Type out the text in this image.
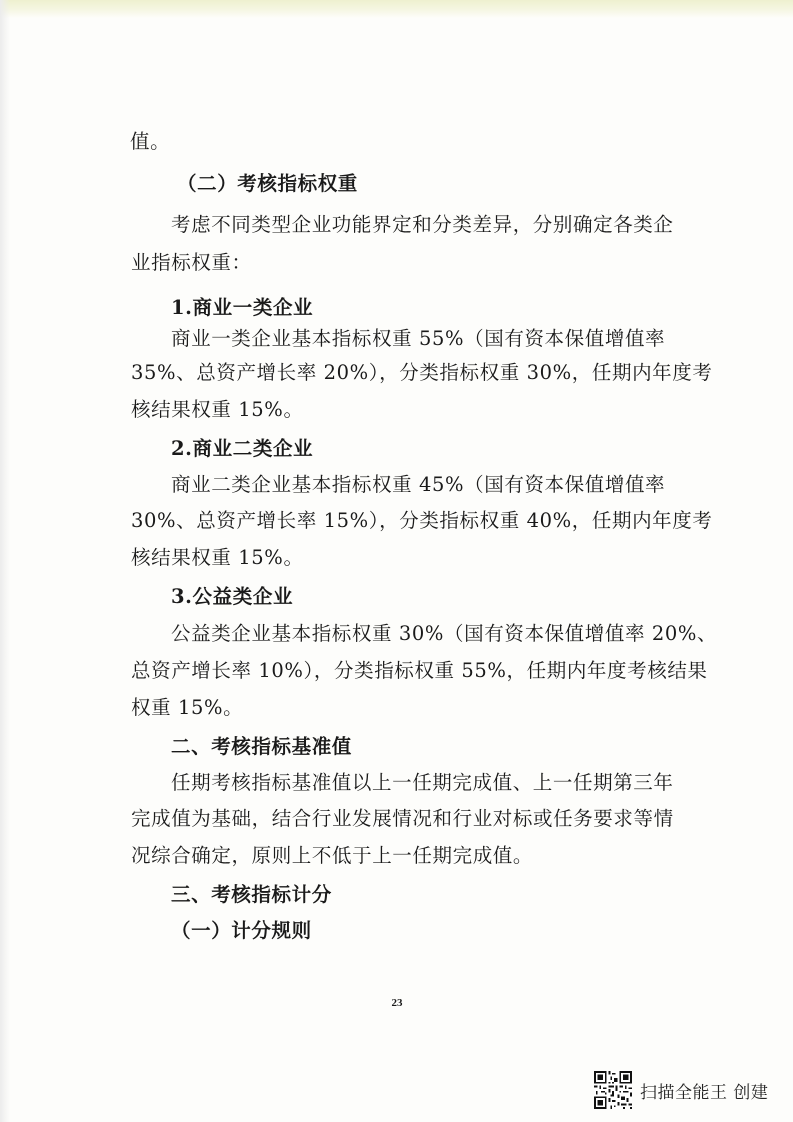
值。
（二）考核指标权重
考虑不同类型企业功能界定和分类差异，分别确定各类企
业指标权重：
1.商业一类企业
商业一类企业基本指标权重 55%（国有资本保值增值率
35%、总资产增长率 20%），分类指标权重 30%，任期内年度考
核结果权重 15%。
2.商业二类企业
商业二类企业基本指标权重 45%（国有资本保值增值率
30%、总资产增长率 15%），分类指标权重 40%，任期内年度考
核结果权重 15%。
3.公益类企业
公益类企业基本指标权重 30%（国有资本保值增值率 20%、
总资产增长率 10%），分类指标权重 55%，任期内年度考核结果
权重 15%。
二、考核指标基准值
任期考核指标基准值以上一任期完成值、上一任期第三年
完成值为基础，结合行业发展情况和行业对标或任务要求等情
况综合确定，原则上不低于上一任期完成值。
三、考核指标计分
（一）计分规则
23
扫描全能王 创建
